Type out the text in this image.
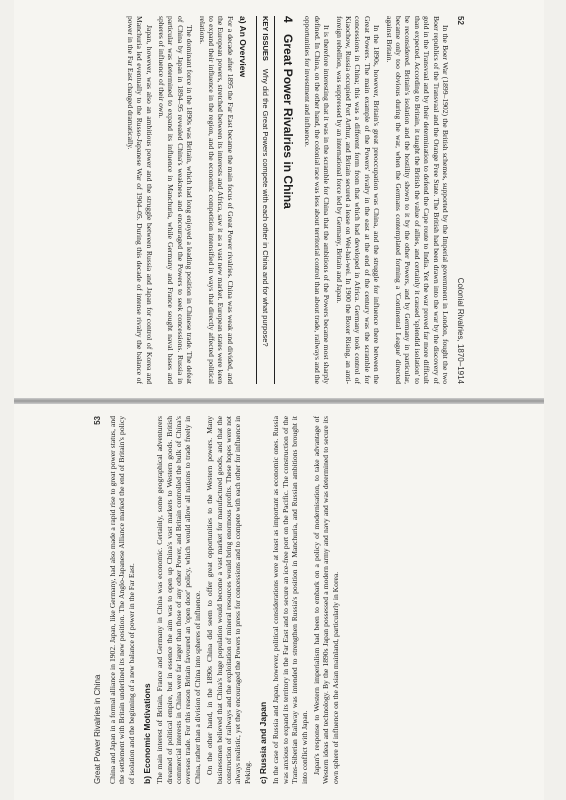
52
Colonial Rivalries, 1870–1914

In the Boer War (1899–1902) the British schemes, supported by the Imperial government in London, fought the two Boer republics of the Transvaal and the Orange Free State. The British had been drawn into the war by the discovery of gold in the Transvaal and by their determination to defend the Cape route to India. Yet the war proved far more difficult than expected. According to Britain, it taught the British the value of allies, and certainly it caused 'splendid isolation' to be reconsidered. Britain's isolation and the hostility shown to it by the other Powers, and by Germany in particular, became only too obvious during the war, when the Germans contemplated forming a 'Continental League' directed against Britain.

In the 1890s, however, Britain's great preoccupation was China, and the struggle for influence there between the Great Powers. The main example of the Powers' rivalry in the east at the end of the century was the scramble for concessions in China; this was a different form from that which had developed in Africa. Germany took control of Kiaochow, Russia occupied Port Arthur, and Britain secured a lease on Wei-hai-wei. In 1900 the Boxer Rising, an anti-foreign rebellion, was suppressed by an international force led by Germany, Britain and Japan.

It is therefore interesting that it was in the scramble for China that the ambitions of the Powers became most sharply defined. In China, on the other hand, the colonial race was less about territorial control than about trade, railways and the opportunities for investment and influence.

4 Great Power Rivalries in China
KEY ISSUES
Why did the Great Powers compete with each other in China and for what purpose?
a) An Overview

For a decade after 1895 the Far East became the main focus of Great Power rivalries. China was weak and divided, and the European powers, stretched between its interests and Africa, saw it as a vast new market. European states were keen to expand their influence in the region, and the economic competition intensified in ways that directly affected political relations.

The dominant force in the 1890s was Britain, which had long enjoyed a leading position in Chinese trade. The defeat of China by Japan in 1894–95 revealed China's weakness and encouraged the Powers to seek concessions. Russia in particular was determined to expand its influence in Manchuria, while Germany and France sought naval bases and spheres of influence of their own.

Japan, however, was also an ambitious power and the struggle between Russia and Japan for control of Korea and Manchuria led eventually to the Russo-Japanese War of 1904–05. During this decade of intense rivalry the balance of power in the Far East changed dramatically.

Great Power Rivalries in China
53 China and Japan in a formal alliance in 1902. Japan, like Germany, had also made a rapid rise to great power status, and the settlement with Britain underlined its new position. The Anglo-Japanese Alliance marked the end of Britain's policy of isolation and the beginning of a new balance of power in the Far East. b) Economic Motivations The main interest of Britain, France and Germany in China was economic. Certainly, some geographical adventurers dreamed of political empire, but in essence the aim was to open up China's vast markets to Western goods. British commercial interests in China were far larger than those of any other Power, and Britain controlled the bulk of China's overseas trade. For this reason Britain favoured an 'open door' policy, which would allow all nations to trade freely in China, rather than a division of China into spheres of influence. On the other hand, in the 1890s China did seem to offer great opportunities to the Western powers. Many businessmen believed that China's huge population would become a vast market for manufactured goods, and that the construction of railways and the exploitation of mineral resources would bring enormous profits. These hopes were not always realistic, yet they encouraged the Powers to press for concessions and to compete with each other for influence in Peking. c) Russia and Japan In the case of Russia and Japan, however, political considerations were at least as important as economic ones. Russia was anxious to expand its territory in the Far East and to secure an ice-free port on the Pacific. The construction of the Trans-Siberian Railway was intended to strengthen Russia's position in Manchuria, and Russian ambitions brought it into conflict with Japan. Japan's response to Western imperialism had been to embark on a policy of modernisation, to take advantage of Western ideas and technology. By the 1890s Japan possessed a modern army and navy and was determined to secure its own sphere of influence on the Asian mainland, particularly in Korea.
